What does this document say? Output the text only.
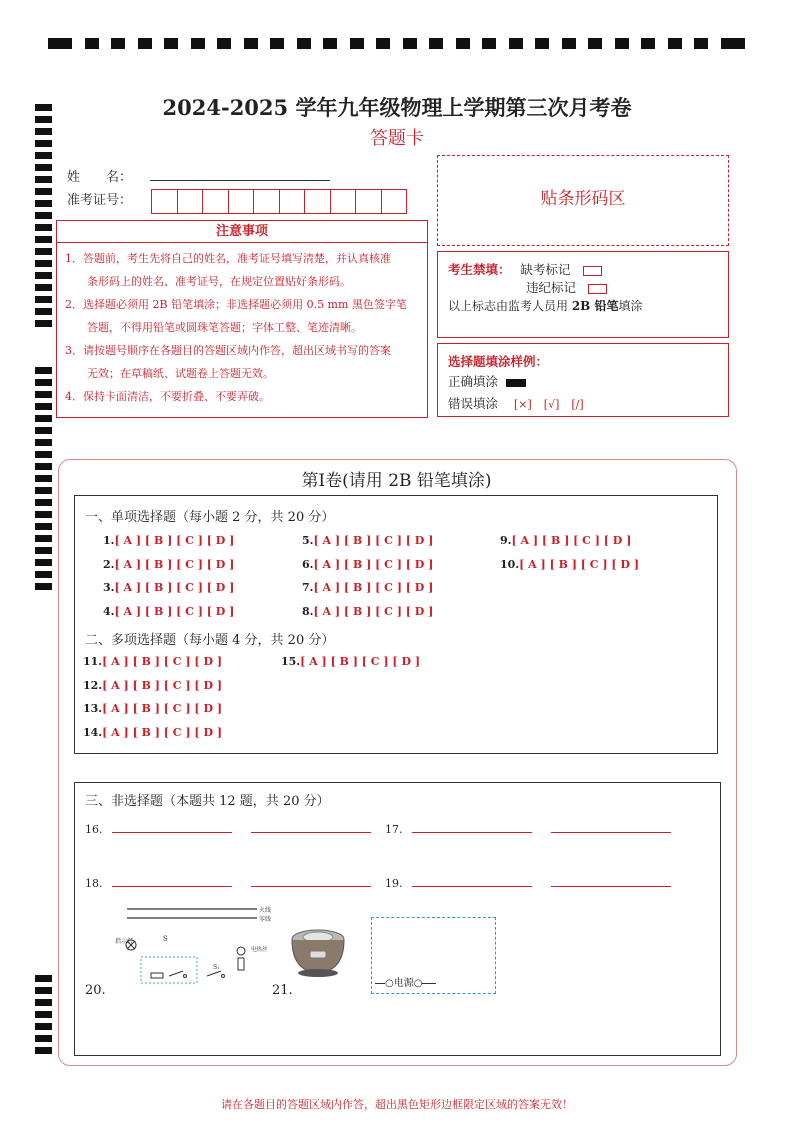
2024-2025 学年九年级物理上学期第三次月考卷
答题卡
姓　　名：
准考证号：	贴条形码区
注意事项
1．答题前，考生先将自己的姓名，准考证号填写清楚，并认真核准
　　条形码上的姓名、准考证号，在规定位置贴好条形码。
2．选择题必须用 2B 铅笔填涂；非选择题必须用 0.5 mm 黑色签字笔
　　答题，不得用铅笔或圆珠笔答题；字体工整、笔迹清晰。
3．请按题号顺序在各题目的答题区域内作答，超出区域书写的答案
　　无效；在草稿纸、试题卷上答题无效。
4．保持卡面清洁，不要折叠、不要弄破。
考生禁填： 缺考标记
违纪标记
以上标志由监考人员用 2B 铅笔填涂
选择题填涂样例：
正确填涂
错误填涂 [×] [√] [/]
第Ⅰ卷(请用 2B 铅笔填涂)
一、单项选择题（每小题 2 分，共 20 分）
1.[ A ] [ B ] [ C ] [ D ]
2.[ A ] [ B ] [ C ] [ D ]
3.[ A ] [ B ] [ C ] [ D ]
4.[ A ] [ B ] [ C ] [ D ]
5.[ A ] [ B ] [ C ] [ D ]
6.[ A ] [ B ] [ C ] [ D ]
7.[ A ] [ B ] [ C ] [ D ]
8.[ A ] [ B ] [ C ] [ D ]
9.[ A ] [ B ] [ C ] [ D ]
10.[ A ] [ B ] [ C ] [ D ]
二、多项选择题（每小题 4 分，共 20 分）
11.[ A ] [ B ] [ C ] [ D ]
12.[ A ] [ B ] [ C ] [ D ]
13.[ A ] [ B ] [ C ] [ D ]
14.[ A ] [ B ] [ C ] [ D ]
15.[ A ] [ B ] [ C ] [ D ]
三、非选择题（本题共 12 题，共 20 分）
16.	17.
18.	19.
20.
火线
零线
指示灯	S
S₁
电热丝
21.	○电源○
请在各题目的答题区域内作答，超出黑色矩形边框限定区域的答案无效！
